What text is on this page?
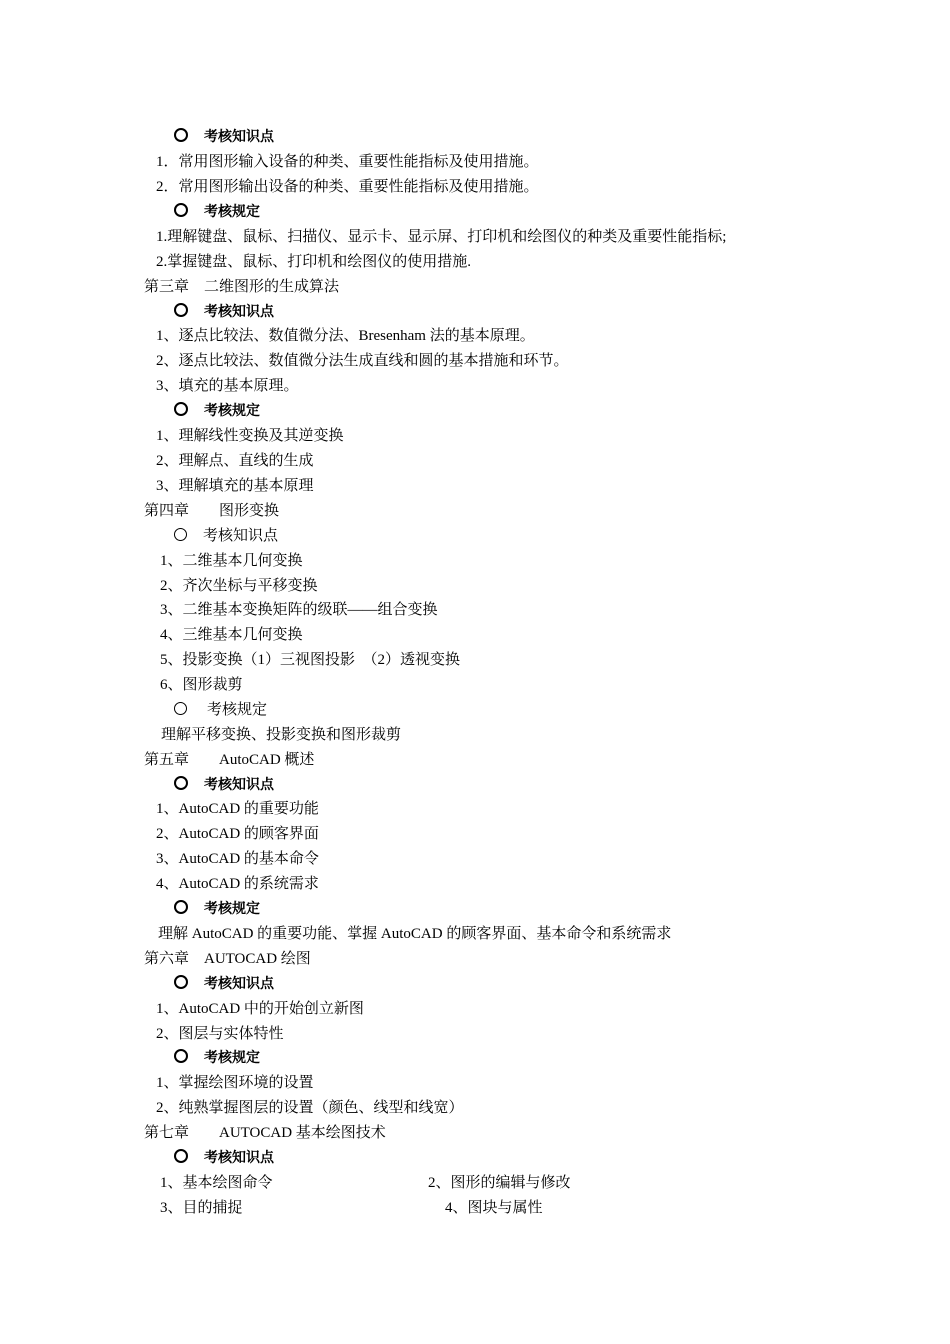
考核知识点
1．常用图形输入设备的种类、重要性能指标及使用措施。
2．常用图形输出设备的种类、重要性能指标及使用措施。
考核规定
1.理解键盘、鼠标、扫描仪、显示卡、显示屏、打印机和绘图仪的种类及重要性能指标;
2.掌握键盘、鼠标、打印机和绘图仪的使用措施.
第三章　二维图形的生成算法
考核知识点
1、逐点比较法、数值微分法、Bresenham 法的基本原理。
2、逐点比较法、数值微分法生成直线和圆的基本措施和环节。
3、填充的基本原理。
考核规定
1、理解线性变换及其逆变换
2、理解点、直线的生成
3、理解填充的基本原理
第四章　　图形变换
考核知识点
1、二维基本几何变换
2、齐次坐标与平移变换
3、二维基本变换矩阵的级联——组合变换
4、三维基本几何变换
5、投影变换（1）三视图投影　（2）透视变换
6、图形裁剪
考核规定
理解平移变换、投影变换和图形裁剪
第五章　　AutoCAD 概述
考核知识点
1、AutoCAD 的重要功能
2、AutoCAD 的顾客界面
3、AutoCAD 的基本命令
4、AutoCAD 的系统需求
考核规定
理解 AutoCAD 的重要功能、掌握 AutoCAD 的顾客界面、基本命令和系统需求
第六章　AUTOCAD 绘图
考核知识点
1、AutoCAD 中的开始创立新图
2、图层与实体特性
考核规定
1、掌握绘图环境的设置
2、纯熟掌握图层的设置（颜色、线型和线宽）
第七章　　AUTOCAD 基本绘图技术
考核知识点
1、基本绘图命令	2、图形的编辑与修改
3、目的捕捉	4、图块与属性
